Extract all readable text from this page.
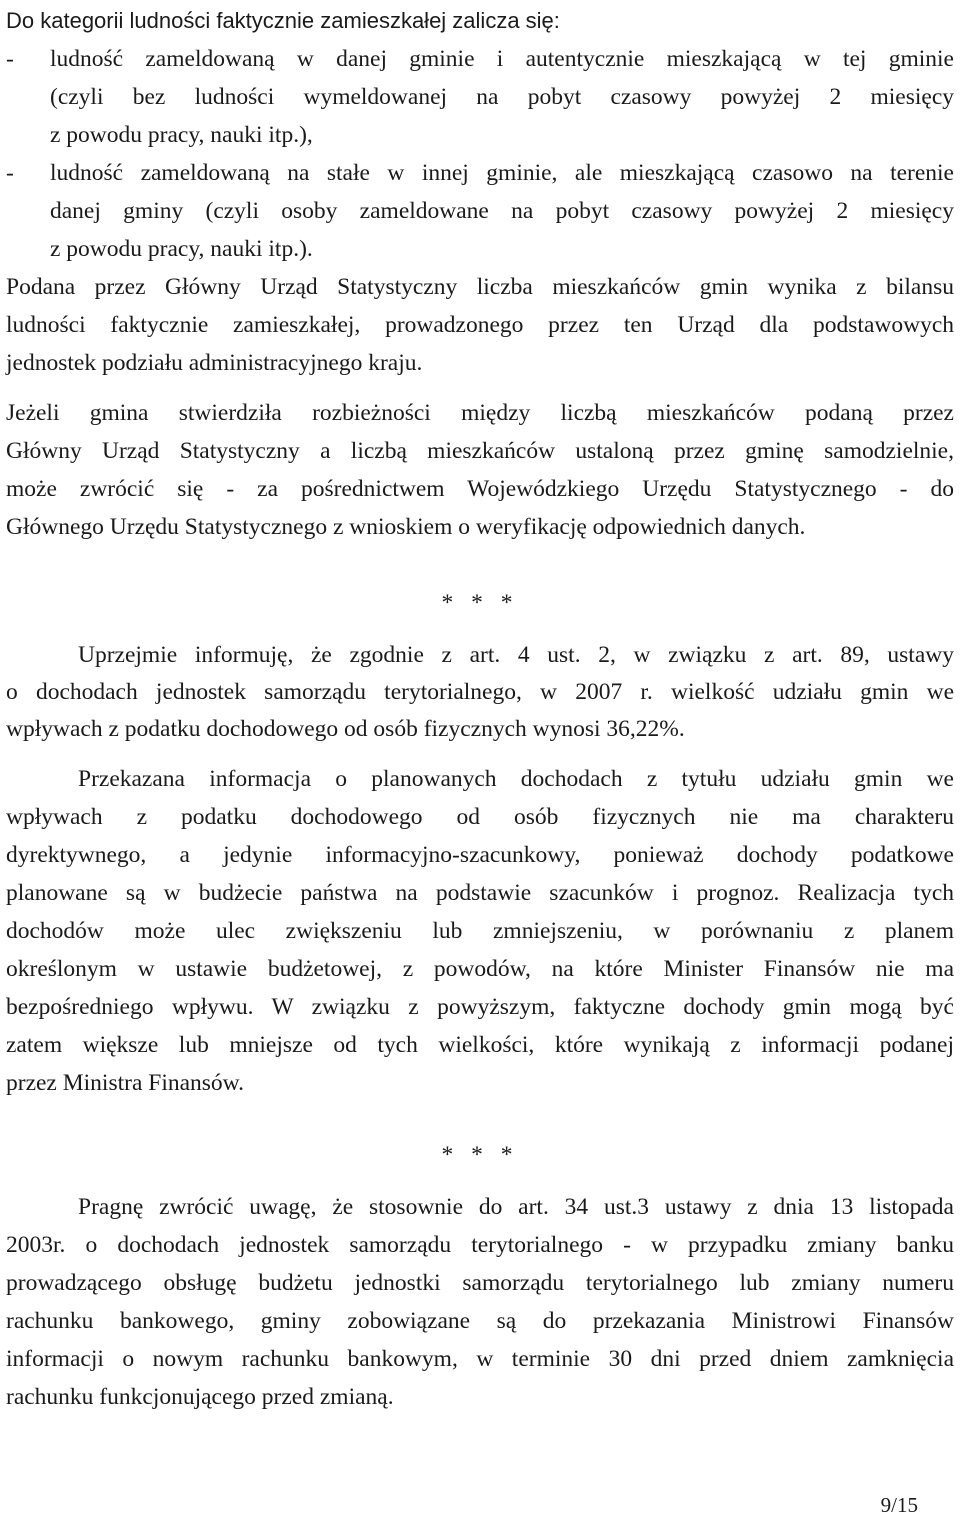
Do kategorii ludności faktycznie zamieszkałej zalicza się:
- ludność zameldowaną w danej gminie i autentycznie mieszkającą w tej gminie
(czyli bez ludności wymeldowanej na pobyt czasowy powyżej 2 miesięcy
z powodu pracy, nauki itp.),
- ludność zameldowaną na stałe w innej gminie, ale mieszkającą czasowo na terenie
danej gminy (czyli osoby zameldowane na pobyt czasowy powyżej 2 miesięcy
z powodu pracy, nauki itp.).
Podana przez Główny Urząd Statystyczny liczba mieszkańców gmin wynika z bilansu
ludności faktycznie zamieszkałej, prowadzonego przez ten Urząd dla podstawowych
jednostek podziału administracyjnego kraju.
Jeżeli gmina stwierdziła rozbieżności między liczbą mieszkańców podaną przez
Główny Urząd Statystyczny a liczbą mieszkańców ustaloną przez gminę samodzielnie,
może zwrócić się - za pośrednictwem Wojewódzkiego Urzędu Statystycznego - do
Głównego Urzędu Statystycznego z wnioskiem o weryfikację odpowiednich danych.
* * *
Uprzejmie informuję, że zgodnie z art. 4 ust. 2, w związku z art. 89, ustawy
o dochodach jednostek samorządu terytorialnego, w 2007 r. wielkość udziału gmin we
wpływach z podatku dochodowego od osób fizycznych wynosi 36,22%.
Przekazana informacja o planowanych dochodach z tytułu udziału gmin we
wpływach z podatku dochodowego od osób fizycznych nie ma charakteru
dyrektywnego, a jedynie informacyjno-szacunkowy, ponieważ dochody podatkowe
planowane są w budżecie państwa na podstawie szacunków i prognoz. Realizacja tych
dochodów może ulec zwiększeniu lub zmniejszeniu, w porównaniu z planem
określonym w ustawie budżetowej, z powodów, na które Minister Finansów nie ma
bezpośredniego wpływu. W związku z powyższym, faktyczne dochody gmin mogą być
zatem większe lub mniejsze od tych wielkości, które wynikają z informacji podanej
przez Ministra Finansów.
* * *
Pragnę zwrócić uwagę, że stosownie do art. 34 ust.3 ustawy z dnia 13 listopada
2003r. o dochodach jednostek samorządu terytorialnego - w przypadku zmiany banku
prowadzącego obsługę budżetu jednostki samorządu terytorialnego lub zmiany numeru
rachunku bankowego, gminy zobowiązane są do przekazania Ministrowi Finansów
informacji o nowym rachunku bankowym, w terminie 30 dni przed dniem zamknięcia
rachunku funkcjonującego przed zmianą.
9/15
